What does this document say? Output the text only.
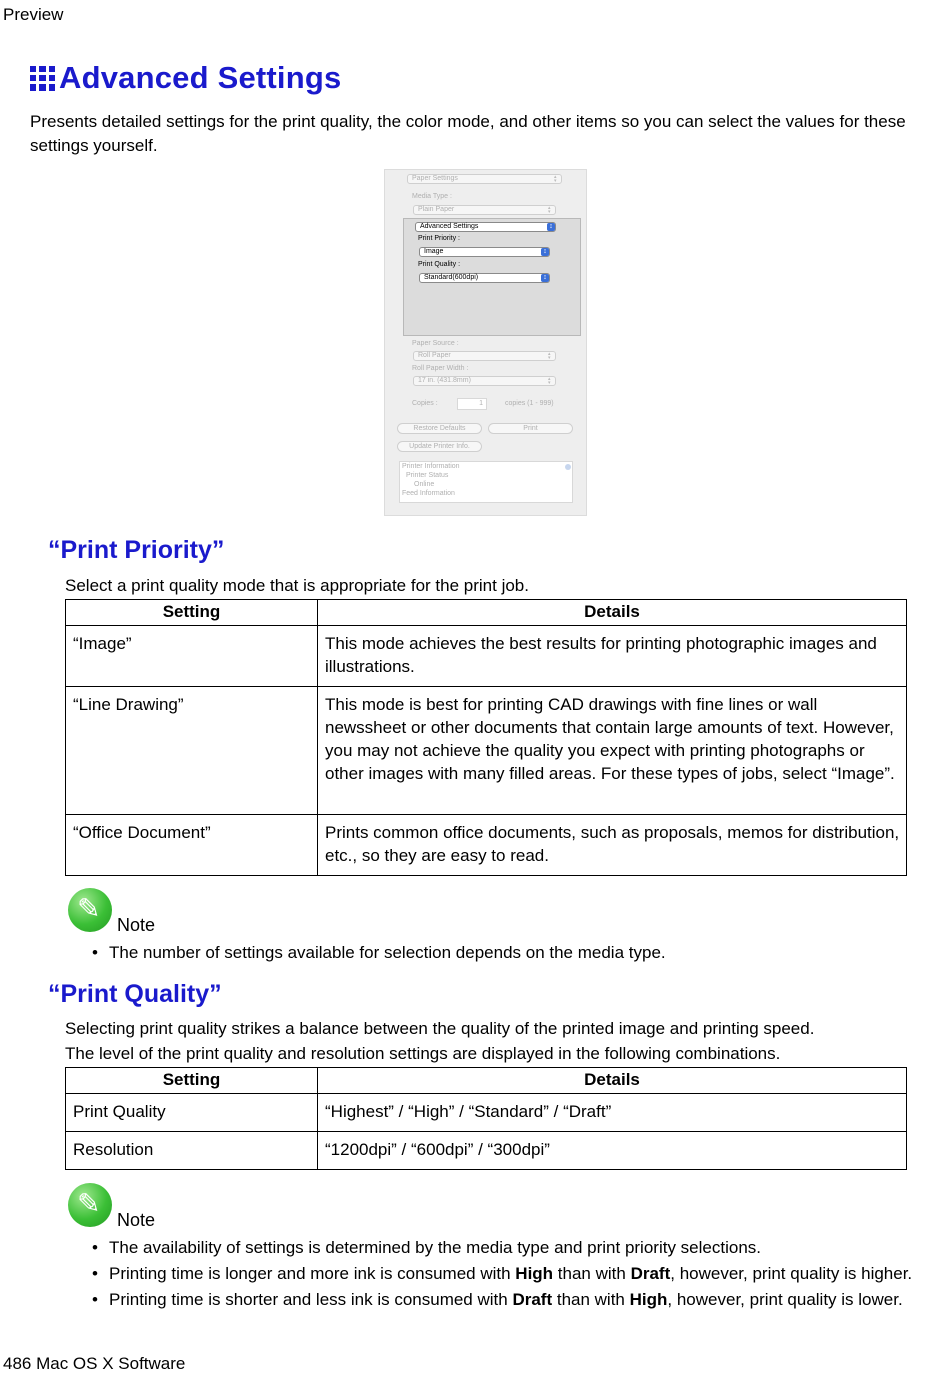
Preview
Advanced Settings

Presents detailed settings for the print quality, the color mode, and other items so you can select the values for these settings yourself.

Paper Settings ▴▾
Media Type :
Plain Paper ▴▾
Advanced Settings ↕
Print Priority :
Image ↕
Print Quality :
Standard(600dpi) ↕
Paper Source :
Roll Paper ▴▾
Roll Paper Width :
17 in. (431.8mm) ▴▾
Copies :	1	copies (1 - 999)
Restore Defaults	Print
Update Printer Info.
Printer Information
Printer Status
Online
Feed Information
“Print Priority”

Select a print quality mode that is appropriate for the print job.

Setting	Details
“Image”	This mode achieves the best results for printing photographic images and illustrations.
“Line Drawing”	This mode is best for printing CAD drawings with fine lines or wall newssheet or other documents that contain large amounts of text. However, you may not achieve the quality you expect with printing photographs or other images with many filled areas. For these types of jobs, select “Image”.
“Office Document”	Prints common office documents, such as proposals, memos for distribution, etc., so they are easy to read.
✎
Note
• The number of settings available for selection depends on the media type.
“Print Quality”

Selecting print quality strikes a balance between the quality of the printed image and printing speed.

The level of the print quality and resolution settings are displayed in the following combinations.

Setting	Details
Print Quality	“Highest” / “High” / “Standard” / “Draft”
Resolution	“1200dpi” / “600dpi” / “300dpi”
✎
Note
• The availability of settings is determined by the media type and print priority selections.
• Printing time is longer and more ink is consumed with High than with Draft, however, print quality is higher.
• Printing time is shorter and less ink is consumed with Draft than with High, however, print quality is lower.
486 Mac OS X Software
